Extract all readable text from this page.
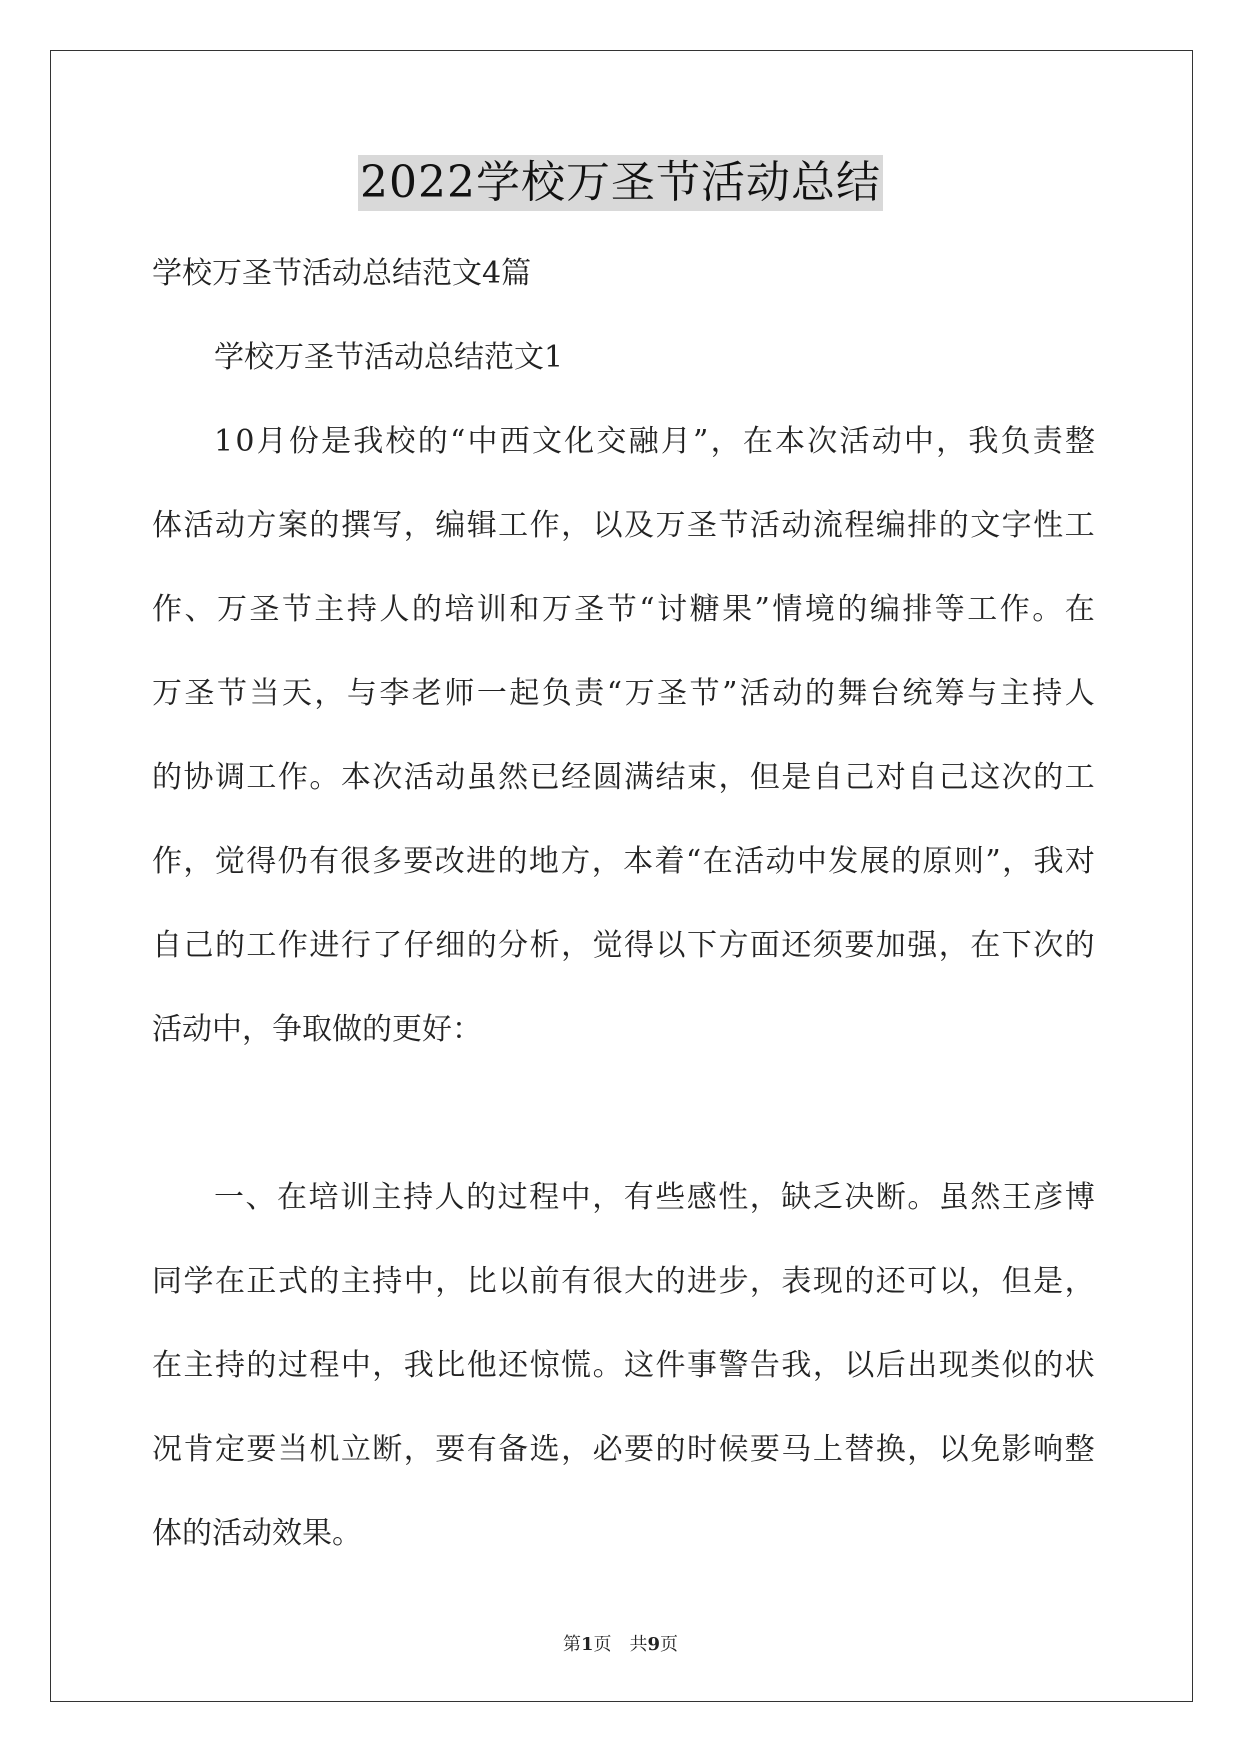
2022学校万圣节活动总结
学校万圣节活动总结范文4篇
学校万圣节活动总结范文1
1 0 月 份 是 我 校 的 “ 中 西 文 化 交 融 月 ” ， 在 本 次 活 动 中 ， 我 负 责 整
体 活 动 方 案 的 撰 写 ， 编 辑 工 作 ， 以 及 万 圣 节 活 动 流 程 编 排 的 文 字 性 工
作 、 万 圣 节 主 持 人 的 培 训 和 万 圣 节 “ 讨 糖 果 ” 情 境 的 编 排 等 工 作 。 在
万 圣 节 当 天 ， 与 李 老 师 一 起 负 责 “ 万 圣 节 ” 活 动 的 舞 台 统 筹 与 主 持 人
的 协 调 工 作 。 本 次 活 动 虽 然 已 经 圆 满 结 束 ， 但 是 自 己 对 自 己 这 次 的 工
作 ， 觉 得 仍 有 很 多 要 改 进 的 地 方 ， 本 着 “ 在 活 动 中 发 展 的 原 则 ” ， 我 对
自 己 的 工 作 进 行 了 仔 细 的 分 析 ， 觉 得 以 下 方 面 还 须 要 加 强 ， 在 下 次 的
活动中，争取做的更好：
一 、 在 培 训 主 持 人 的 过 程 中 ， 有 些 感 性 ， 缺 乏 决 断 。 虽 然 王 彦 博
同 学 在 正 式 的 主 持 中 ， 比 以 前 有 很 大 的 进 步 ， 表 现 的 还 可 以 ， 但 是 ，
在 主 持 的 过 程 中 ， 我 比 他 还 惊 慌 。 这 件 事 警 告 我 ， 以 后 出 现 类 似 的 状
况 肯 定 要 当 机 立 断 ， 要 有 备 选 ， 必 要 的 时 候 要 马 上 替 换 ， 以 免 影 响 整
体的活动效果。
第1页　共9页
